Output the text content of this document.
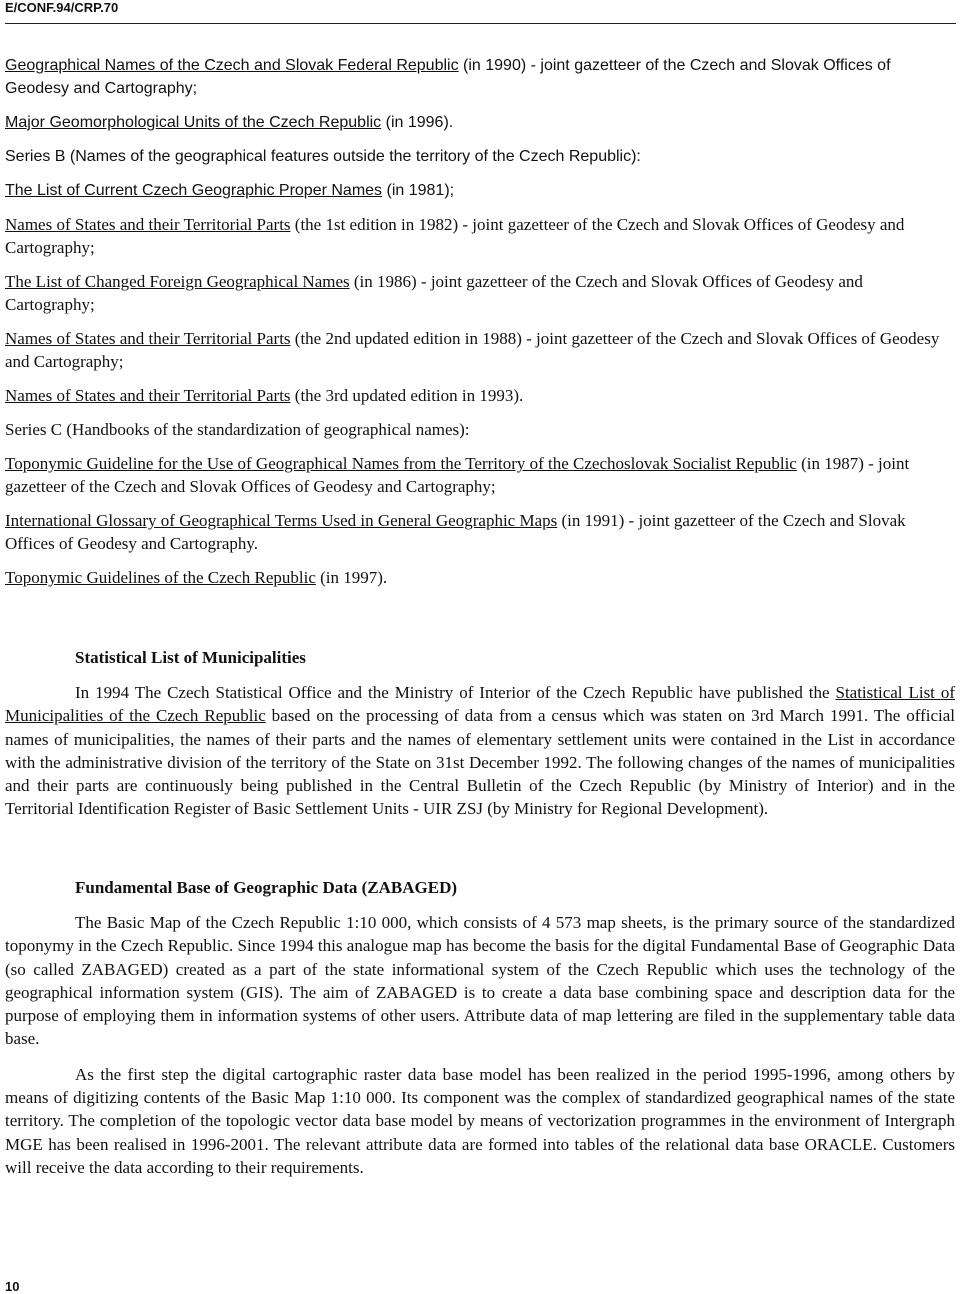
E/CONF.94/CRP.70

Geographical Names of the Czech and Slovak Federal Republic (in 1990) - joint gazetteer of the Czech and Slovak Offices of Geodesy and Cartography;

Major Geomorphological Units of the Czech Republic (in 1996).

Series B (Names of the geographical features outside the territory of the Czech Republic):

The List of Current Czech Geographic Proper Names (in 1981);

Names of States and their Territorial Parts (the 1st edition in 1982) - joint gazetteer of the Czech and Slovak Offices of Geodesy and Cartography;

The List of Changed Foreign Geographical Names (in 1986) - joint gazetteer of the Czech and Slovak Offices of Geodesy and Cartography;

Names of States and their Territorial Parts (the 2nd updated edition in 1988) - joint gazetteer of the Czech and Slovak Offices of Geodesy and Cartography;

Names of States and their Territorial Parts (the 3rd updated edition in 1993).

Series C (Handbooks of the standardization of geographical names):

Toponymic Guideline for the Use of Geographical Names from the Territory of the Czechoslovak Socialist Republic (in 1987) - joint gazetteer of the Czech and Slovak Offices of Geodesy and Cartography;

International Glossary of Geographical Terms Used in General Geographic Maps (in 1991) - joint gazetteer of the Czech and Slovak Offices of Geodesy and Cartography.

Toponymic Guidelines of the Czech Republic (in 1997).

Statistical List of Municipalities

In 1994 The Czech Statistical Office and the Ministry of Interior of the Czech Republic have published the Statistical List of Municipalities of the Czech Republic based on the processing of data from a census which was staten on 3rd March 1991. The official names of municipalities, the names of their parts and the names of elementary settlement units were contained in the List in accordance with the administrative division of the territory of the State on 31st December 1992. The following changes of the names of municipalities and their parts are continuously being published in the Central Bulletin of the Czech Republic (by Ministry of Interior) and in the Territorial Identification Register of Basic Settlement Units - UIR ZSJ (by Ministry for Regional Development).

Fundamental Base of Geographic Data (ZABAGED)

The Basic Map of the Czech Republic 1:10 000, which consists of 4 573 map sheets, is the primary source of the standardized toponymy in the Czech Republic. Since 1994 this analogue map has become the basis for the digital Fundamental Base of Geographic Data (so called ZABAGED) created as a part of the state informational system of the Czech Republic which uses the technology of the geographical information system (GIS). The aim of ZABAGED is to create a data base combining space and description data for the purpose of employing them in information systems of other users. Attribute data of map lettering are filed in the supplementary table data base.

As the first step the digital cartographic raster data base model has been realized in the period 1995-1996, among others by means of digitizing contents of the Basic Map 1:10 000. Its component was the complex of standardized geographical names of the state territory. The completion of the topologic vector data base model by means of vectorization programmes in the environment of Intergraph MGE has been realised in 1996-2001. The relevant attribute data are formed into tables of the relational data base ORACLE. Customers will receive the data according to their requirements.

10
